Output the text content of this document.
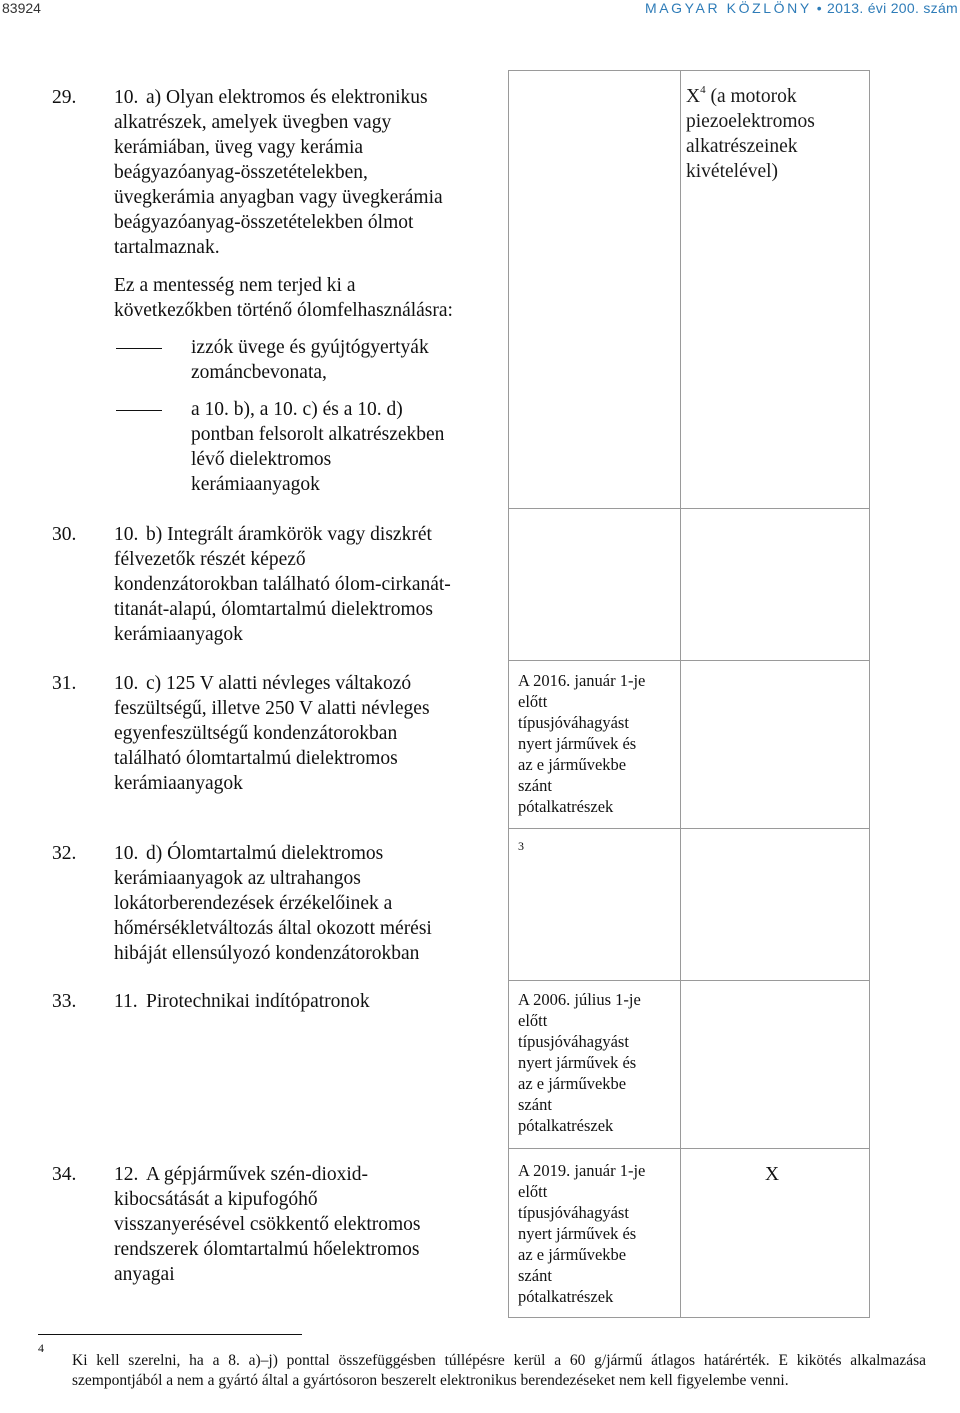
83924	MAGYAR KÖZLÖNY • 2013. évi 200. szám
29. 10. a) Olyan elektromos és elektronikus
alkatrészek, amelyek üvegben vagy
kerámiában, üveg vagy kerámia
beágyazóanyag-összetételekben,
üvegkerámia anyagban vagy üvegkerámia
beágyazóanyag-összetételekben ólmot
tartalmaznak.
Ez a mentesség nem terjed ki a
következőkben történő ólomfelhasználásra:
izzók üvege és gyújtógyertyák
zománcbevonata,
a 10. b), a 10. c) és a 10. d)
pontban felsorolt alkatrészekben
lévő dielektromos
kerámiaanyagok
$X^4$ (a motorok
piezoelektromos
alkatrészeinek
kivételével)
30. 10. b) Integrált áramkörök vagy diszkrét
félvezetők részét képező
kondenzátorokban található ólom-cirkanát-
titanát-alapú, ólomtartalmú dielektromos
kerámiaanyagok
31. 10. c) 125 V alatti névleges váltakozó
feszültségű, illetve 250 V alatti névleges
egyenfeszültségű kondenzátorokban
található ólomtartalmú dielektromos
kerámiaanyagok
A 2016. január 1-je
előtt
típusjóváhagyást
nyert járművek és
az e járművekbe
szánt
pótalkatrészek
32. 10. d) Ólomtartalmú dielektromos
kerámiaanyagok az ultrahangos
lokátorberendezések érzékelőinek a
hőmérsékletváltozás által okozott mérési
hibáját ellensúlyozó kondenzátorokban
3
33. 11. Pirotechnikai indítópatronok	A 2006. július 1-je
előtt
típusjóváhagyást
nyert járművek és
az e járművekbe
szánt
pótalkatrészek
34. 12. A gépjárművek szén-dioxid-
kibocsátását a kipufogóhő
visszanyerésével csökkentő elektromos
rendszerek ólomtartalmú hőelektromos
anyagai
A 2019. január 1-je
előtt
típusjóváhagyást
nyert járművek és
az e járművekbe
szánt
pótalkatrészek
X
4
Ki kell szerelni, ha a 8. a)–j) ponttal összefüggésben túllépésre kerül a 60 g/jármű átlagos határérték. E kikötés alkalmazása szempontjából a nem a gyártó által a gyártósoron beszerelt elektronikus berendezéseket nem kell figyelembe venni.
